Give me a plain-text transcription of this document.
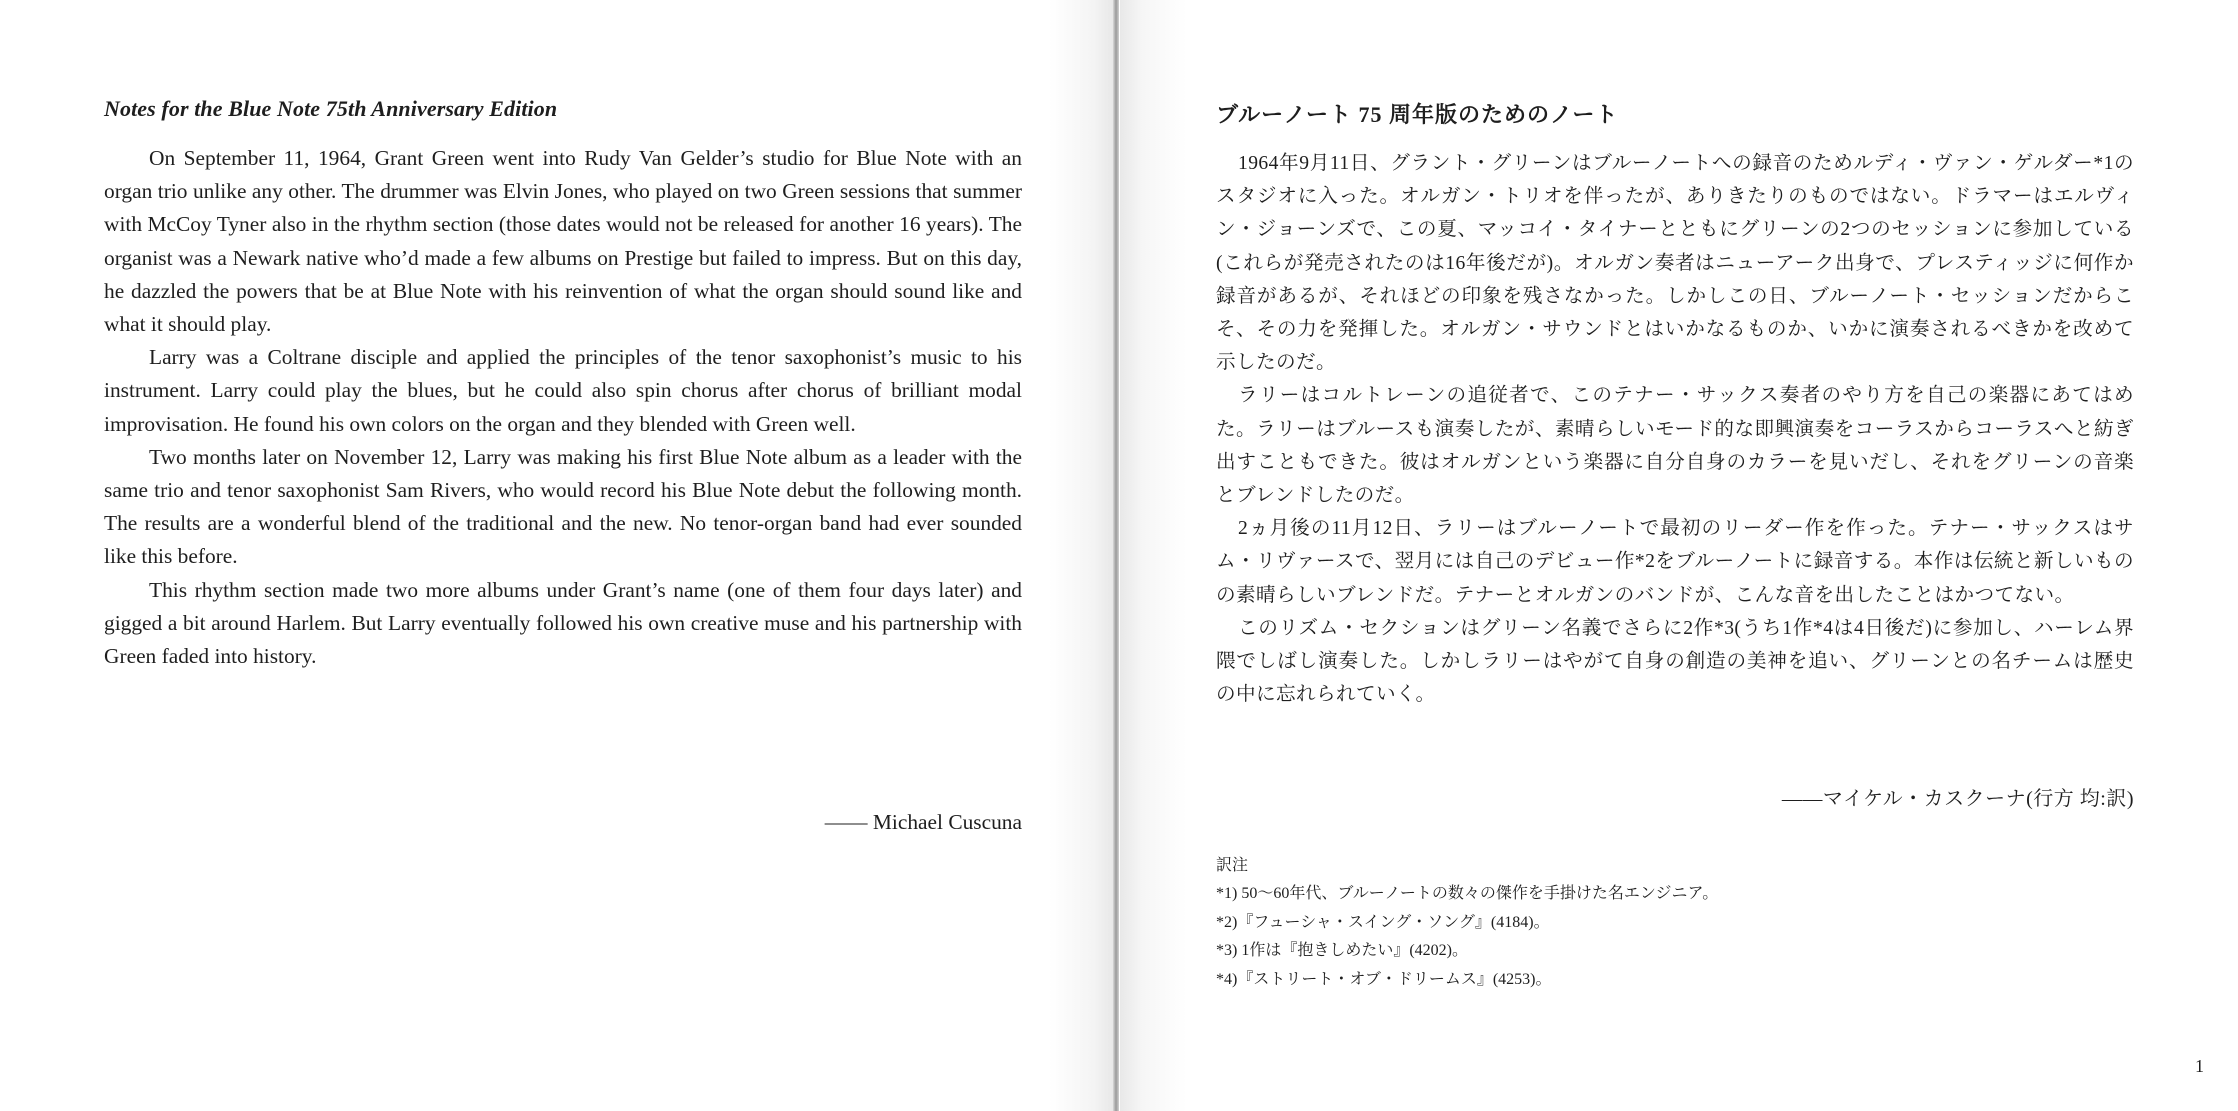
Notes for the Blue Note 75th Anniversary Edition

On September 11, 1964, Grant Green went into Rudy Van Gelder’s studio for Blue Note with an organ trio unlike any other. The drummer was Elvin Jones, who played on two Green sessions that summer with McCoy Tyner also in the rhythm section (those dates would not be released for another 16 years). The organist was a Newark native who’d made a few albums on Prestige but failed to impress. But on this day, he dazzled the powers that be at Blue Note with his reinvention of what the organ should sound like and what it should play.

Larry was a Coltrane disciple and applied the principles of the tenor saxophonist’s music to his instrument. Larry could play the blues, but he could also spin chorus after chorus of brilliant modal improvisation. He found his own colors on the organ and they blended with Green well.

Two months later on November 12, Larry was making his first Blue Note album as a leader with the same trio and tenor saxophonist Sam Rivers, who would record his Blue Note debut the following month. The results are a wonderful blend of the traditional and the new. No tenor-organ band had ever sounded like this before.

This rhythm section made two more albums under Grant’s name (one of them four days later) and gigged a bit around Harlem. But Larry eventually followed his own creative muse and his partnership with Green faded into history.

—— Michael Cuscuna
ブルーノート 75 周年版のためのノート

1964年9月11日、グラント・グリーンはブルーノートへの録音のためルディ・ヴァン・ゲルダー*1のスタジオに入った。オルガン・トリオを伴ったが、ありきたりのものではない。ドラマーはエルヴィン・ジョーンズで、この夏、マッコイ・タイナーとともにグリーンの2つのセッションに参加している(これらが発売されたのは16年後だが)。オルガン奏者はニューアーク出身で、プレスティッジに何作か録音があるが、それほどの印象を残さなかった。しかしこの日、ブルーノート・セッションだからこそ、その力を発揮した。オルガン・サウンドとはいかなるものか、いかに演奏されるべきかを改めて示したのだ。

ラリーはコルトレーンの追従者で、このテナー・サックス奏者のやり方を自己の楽器にあてはめた。ラリーはブルースも演奏したが、素晴らしいモード的な即興演奏をコーラスからコーラスへと紡ぎ出すこともできた。彼はオルガンという楽器に自分自身のカラーを見いだし、それをグリーンの音楽とブレンドしたのだ。

2ヵ月後の11月12日、ラリーはブルーノートで最初のリーダー作を作った。テナー・サックスはサム・リヴァースで、翌月には自己のデビュー作*2をブルーノートに録音する。本作は伝統と新しいものの素晴らしいブレンドだ。テナーとオルガンのバンドが、こんな音を出したことはかつてない。

このリズム・セクションはグリーン名義でさらに2作*3(うち1作*4は4日後だ)に参加し、ハーレム界隈でしばし演奏した。しかしラリーはやがて自身の創造の美神を追い、グリーンとの名チームは歴史の中に忘れられていく。

——マイケル・カスクーナ(行方 均:訳)

訳注

*1) 50〜60年代、ブルーノートの数々の傑作を手掛けた名エンジニア。

*2)『フューシャ・スイング・ソング』(4184)。

*3) 1作は『抱きしめたい』(4202)。

*4)『ストリート・オブ・ドリームス』(4253)。

1
